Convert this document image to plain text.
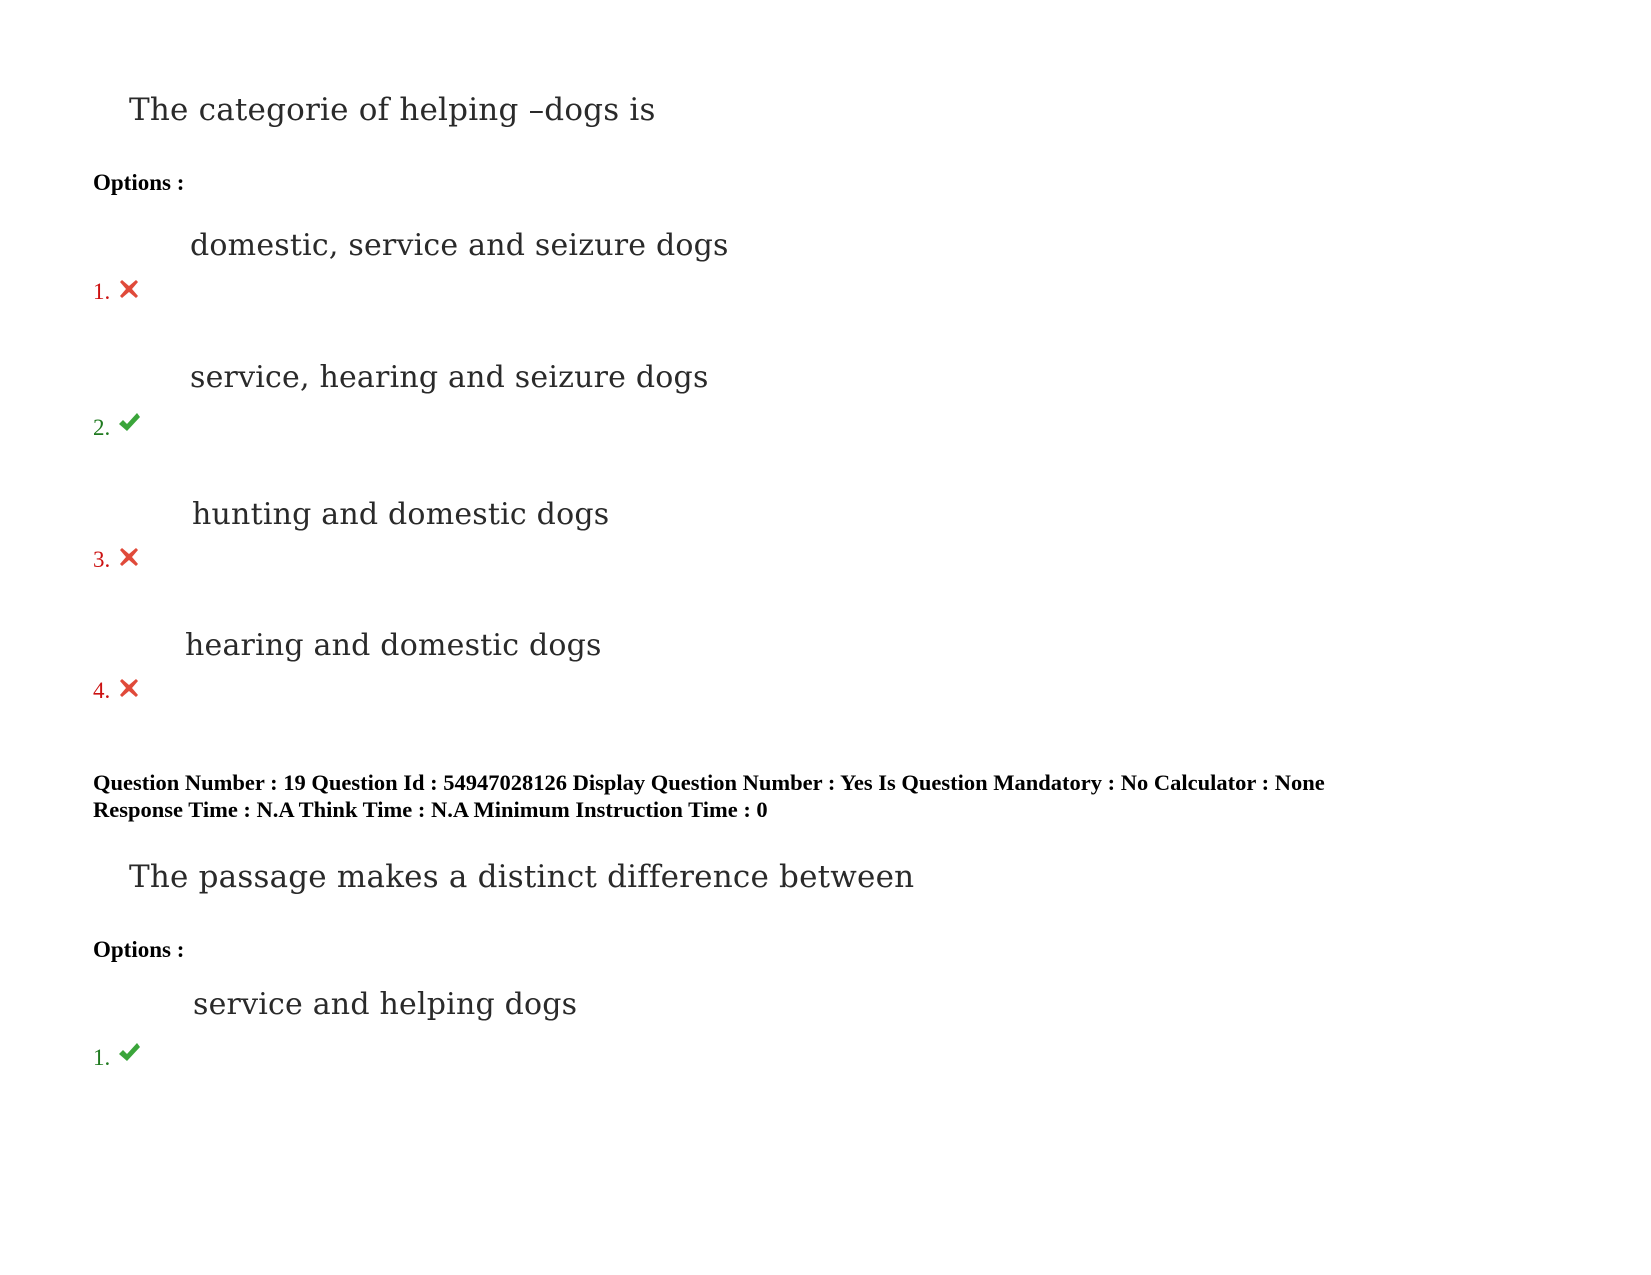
The categorie of helping –dogs is
Options :
domestic, service and seizure dogs
1.
service, hearing and seizure dogs
2.
hunting and domestic dogs
3.
hearing and domestic dogs
4.
Question Number : 19 Question Id : 54947028126 Display Question Number : Yes Is Question Mandatory : No Calculator : None
Response Time : N.A Think Time : N.A Minimum Instruction Time : 0
The passage makes a distinct difference between
Options :
service and helping dogs
1.
